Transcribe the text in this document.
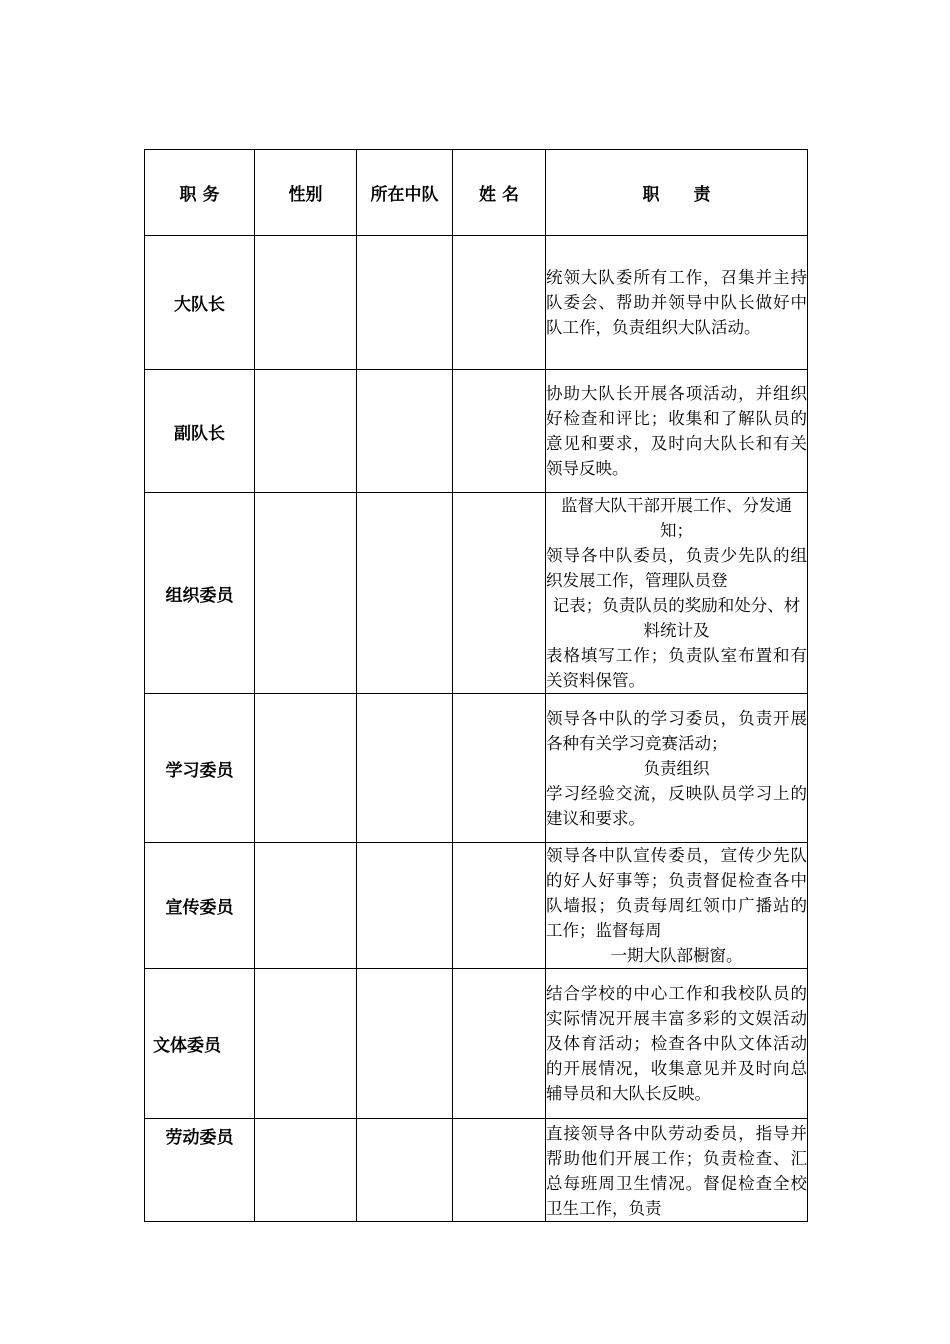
职 务	性别	所在中队	姓 名	职　　责
大队长				统领大队委所有工作，召集并主持队委会、帮助并领导中队长做好中队工作，负责组织大队活动。

副队长				协助大队长开展各项活动，并组织好检查和评比；收集和了解队员的意见和要求，及时向大队长和有关领导反映。

组织委员				监督大队干部开展工作、分发通知；
领导各中队委员，负责少先队的组织发展工作，管理队员登
记表；负责队员的奖励和处分、材料统计及
表格填写工作；负责队室布置和有关资料保管。

学习委员				领导各中队的学习委员，负责开展各种有关学习竞赛活动；
负责组织
学习经验交流，反映队员学习上的建议和要求。

宣传委员				领导各中队宣传委员，宣传少先队的好人好事等；负责督促检查各中队墙报；负责每周红领巾广播站的工作；监督每周
一期大队部橱窗。

文体委员				结合学校的中心工作和我校队员的实际情况开展丰富多彩的文娱活动及体育活动；检查各中队文体活动的开展情况，收集意见并及时向总辅导员和大队长反映。

劳动委员				直接领导各中队劳动委员，指导并帮助他们开展工作；负责检查、汇总每班周卫生情况。督促检查全校卫生工作，负责
